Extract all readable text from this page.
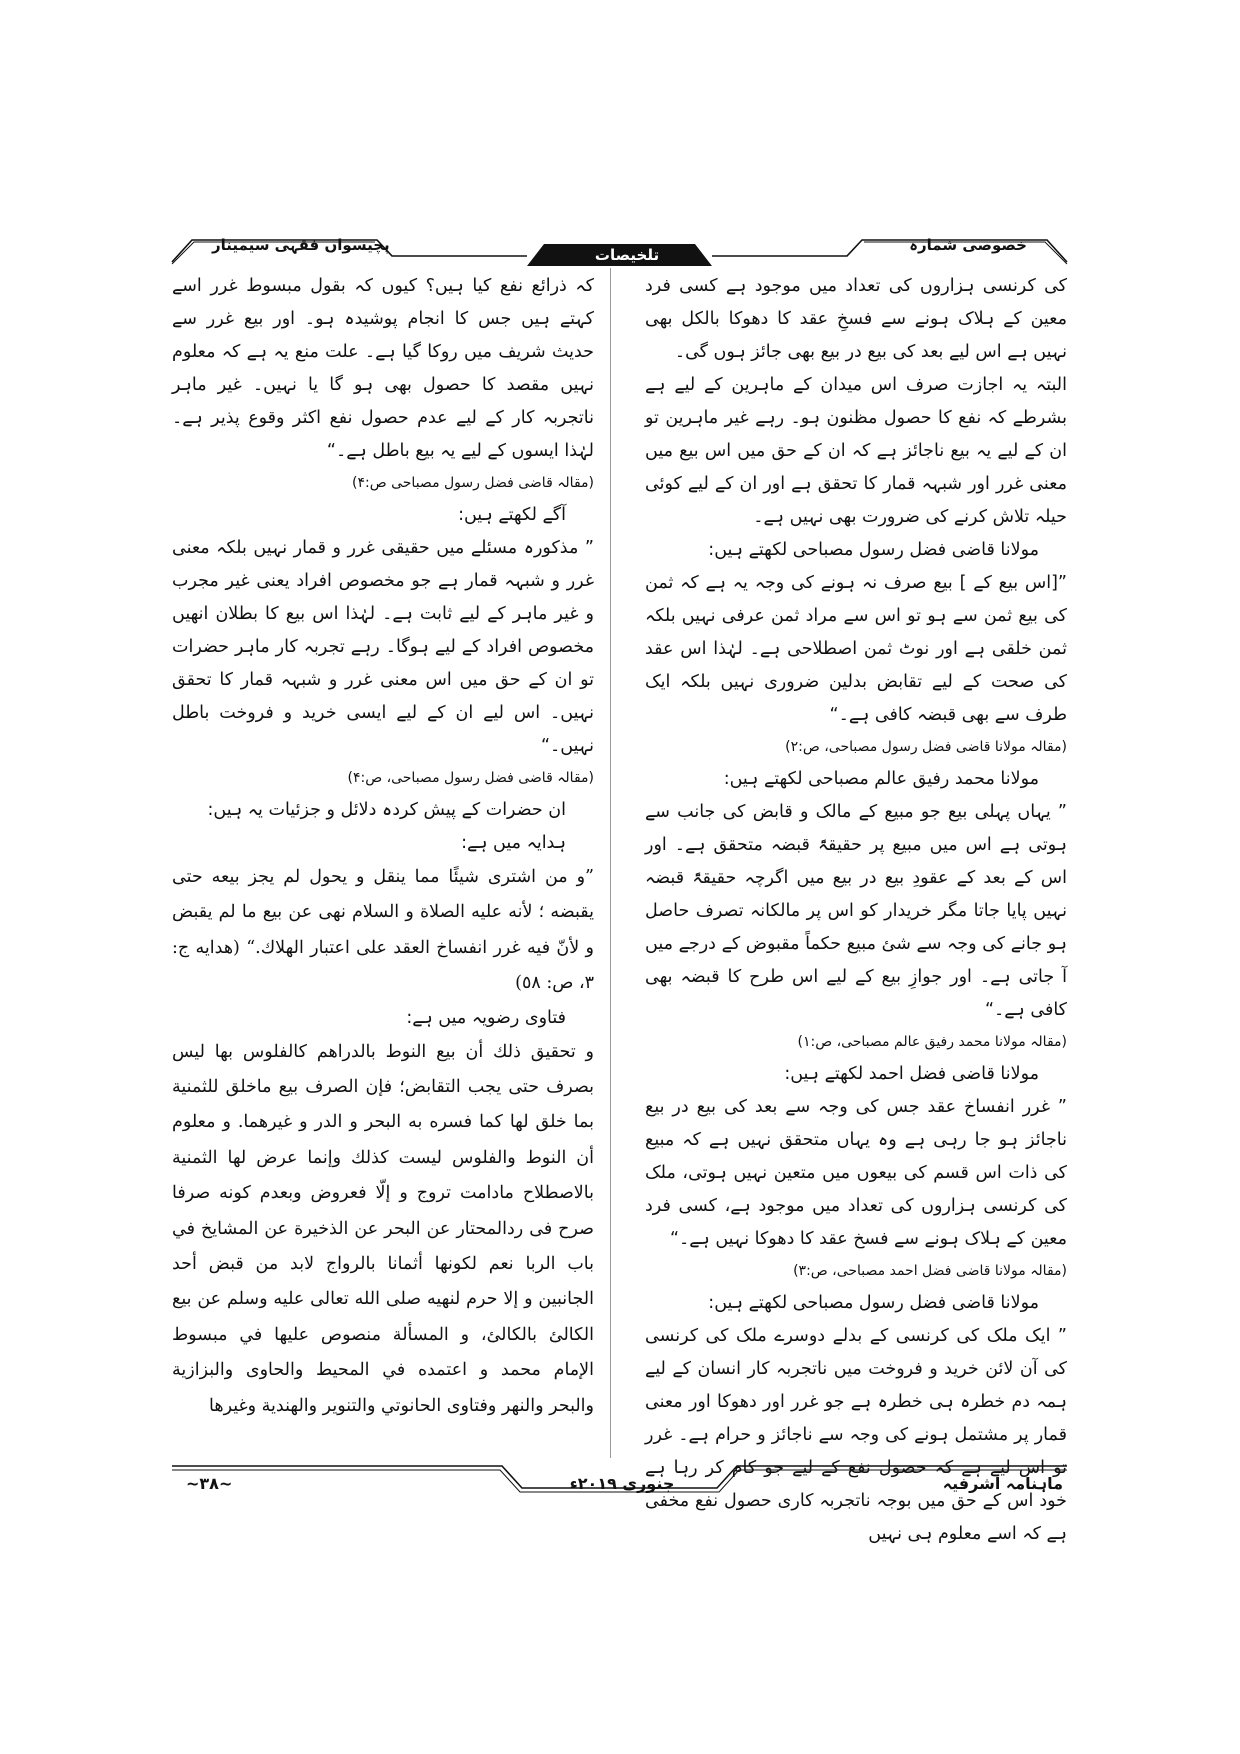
پچیسواں فقہی سیمینار
تلخیصات
خصوصی شمارہ

کی کرنسی ہزاروں کی تعداد میں موجود ہے کسی فرد معین کے ہلاک ہونے سے فسخِ عقد کا دھوکا بالکل بھی نہیں ہے اس لیے بعد کی بیع در بیع بھی جائز ہوں گی۔

البتہ یہ اجازت صرف اس میدان کے ماہرین کے لیے ہے بشرطے کہ نفع کا حصول مظنون ہو۔ رہے غیر ماہرین تو ان کے لیے یہ بیع ناجائز ہے کہ ان کے حق میں اس بیع میں معنی غرر اور شبہہ قمار کا تحقق ہے اور ان کے لیے کوئی حیلہ تلاش کرنے کی ضرورت بھی نہیں ہے۔

مولانا قاضی فضل رسول مصباحی لکھتے ہیں:

”[اس بیع کے ] بیع صرف نہ ہونے کی وجہ یہ ہے کہ ثمن کی بیع ثمن سے ہو تو اس سے مراد ثمن عرفی نہیں بلکہ ثمن خلقی ہے اور نوٹ ثمن اصطلاحی ہے۔ لہٰذا اس عقد کی صحت کے لیے تقابض بدلین ضروری نہیں بلکہ ایک طرف سے بھی قبضہ کافی ہے۔“

(مقالہ مولانا قاضی فضل رسول مصباحی، ص:۲)

مولانا محمد رفیق عالم مصباحی لکھتے ہیں:

” یہاں پہلی بیع جو مبیع کے مالک و قابض کی جانب سے ہوتی ہے اس میں مبیع پر حقیقۃً قبضہ متحقق ہے۔ اور اس کے بعد کے عقودِ بیع در بیع میں اگرچہ حقیقۃً قبضہ نہیں پایا جاتا مگر خریدار کو اس پر مالکانہ تصرف حاصل ہو جانے کی وجہ سے شئ مبیع حکماً مقبوض کے درجے میں آ جاتی ہے۔ اور جوازِ بیع کے لیے اس طرح کا قبضہ بھی کافی ہے۔“

(مقالہ مولانا محمد رفیق عالم مصباحی، ص:۱)

مولانا قاضی فضل احمد لکھتے ہیں:

” غرر انفساخ عقد جس کی وجہ سے بعد کی بیع در بیع ناجائز ہو جا رہی ہے وہ یہاں متحقق نہیں ہے کہ مبیع کی ذات اس قسم کی بیعوں میں متعین نہیں ہوتی، ملک کی کرنسی ہزاروں کی تعداد میں موجود ہے، کسی فرد معین کے ہلاک ہونے سے فسخ عقد کا دھوکا نہیں ہے۔“

(مقالہ مولانا قاضی فضل احمد مصباحی، ص:۳)

مولانا قاضی فضل رسول مصباحی لکھتے ہیں:

” ایک ملک کی کرنسی کے بدلے دوسرے ملک کی کرنسی کی آن لائن خرید و فروخت میں ناتجربہ کار انسان کے لیے ہمہ دم خطرہ ہی خطرہ ہے جو غرر اور دھوکا اور معنی قمار پر مشتمل ہونے کی وجہ سے ناجائز و حرام ہے۔ غرر تو اس لیے ہے کہ حصول نفع کے لیے جو کام کر رہا ہے خود اس کے حق میں بوجہ ناتجربہ کاری حصول نفع مخفی ہے کہ اسے معلوم ہی نہیں

کہ ذرائع نفع کیا ہیں؟ کیوں کہ بقول مبسوط غرر اسے کہتے ہیں جس کا انجام پوشیدہ ہو۔ اور بیع غرر سے حدیث شریف میں روکا گیا ہے۔ علت منع یہ ہے کہ معلوم نہیں مقصد کا حصول بھی ہو گا یا نہیں۔ غیر ماہر ناتجربہ کار کے لیے عدم حصول نفع اکثر وقوع پذیر ہے۔ لہٰذا ایسوں کے لیے یہ بیع باطل ہے۔“

(مقالہ قاضی فضل رسول مصباحی ص:۴)

آگے لکھتے ہیں:

” مذکورہ مسئلے میں حقیقی غرر و قمار نہیں بلکہ معنی غرر و شبہہ قمار ہے جو مخصوص افراد یعنی غیر مجرب و غیر ماہر کے لیے ثابت ہے۔ لہٰذا اس بیع کا بطلان انھیں مخصوص افراد کے لیے ہوگا۔ رہے تجربہ کار ماہر حضرات تو ان کے حق میں اس معنی غرر و شبہہ قمار کا تحقق نہیں۔ اس لیے ان کے لیے ایسی خرید و فروخت باطل نہیں۔“

(مقالہ قاضی فضل رسول مصباحی، ص:۴)

ان حضرات کے پیش کردہ دلائل و جزئیات یہ ہیں:

ہدایہ میں ہے:

”و من اشترى شيئًا مما ينقل و يحول لم يجز بيعه حتى يقبضه ؛ لأنه عليه الصلاة و السلام نهى عن بيع ما لم يقبض و لأنّ فيه غرر انفساخ العقد على اعتبار الهلاك.“ (هدايه ج: ٣، ص: ٥٨)

فتاوی رضویہ میں ہے:

و تحقيق ذلك أن بيع النوط بالدراهم كالفلوس بها ليس بصرف حتى يجب التقابض؛ فإن الصرف بيع ماخلق للثمنية بما خلق لها كما فسره به البحر و الدر و غيرهما. و معلوم أن النوط والفلوس ليست كذلك وإنما عرض لها الثمنية بالاصطلاح مادامت تروج و إلّا فعروض وبعدم كونه صرفا صرح فى ردالمحتار عن البحر عن الذخيرة عن المشايخ في باب الربا نعم لكونها أثمانا بالرواج لابد من قبض أحد الجانبين و إلا حرم لنهيه صلى الله تعالى عليه وسلم عن بيع الكالئ بالكالئ، و المسألة منصوص عليها في مبسوط الإمام محمد و اعتمده في المحيط والحاوى والبزازية والبحر والنهر وفتاوى الحانوتي والتنوير والهندية وغيرها

ماہنامہ اشرفیہ
جنوری ۲۰۱۹ء
~۳۸~
